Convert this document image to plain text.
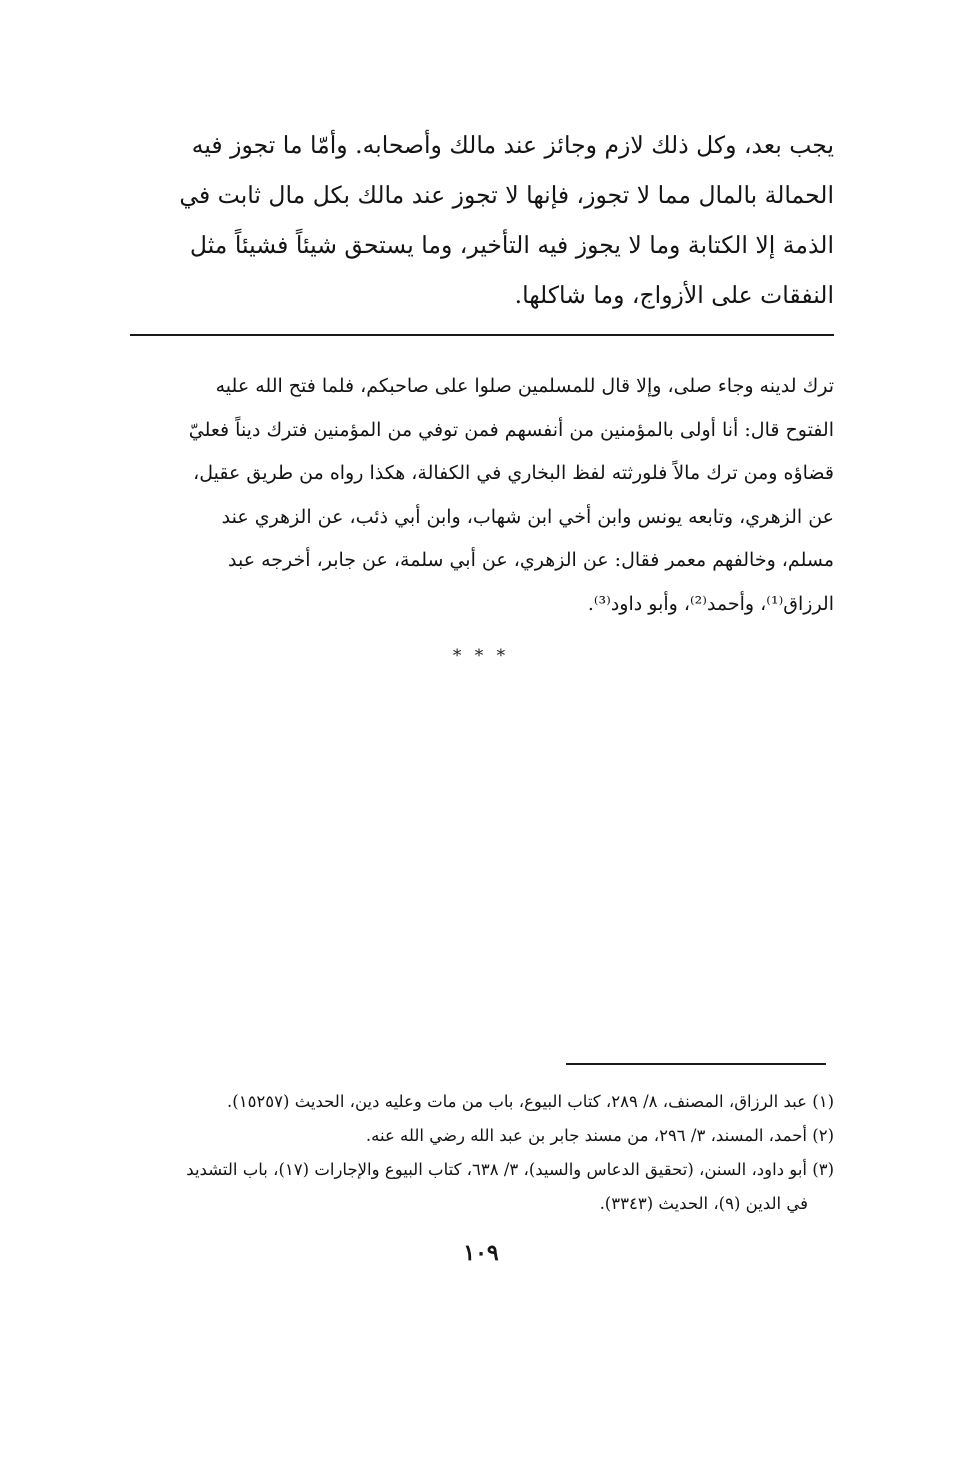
يجب بعد، وكل ذلك لازم وجائز عند مالك وأصحابه. وأمّا ما تجوز فيه
الحمالة بالمال مما لا تجوز، فإنها لا تجوز عند مالك بكل مال ثابت في
الذمة إلا الكتابة وما لا يجوز فيه التأخير، وما يستحق شيئاً فشيئاً مثل
النفقات على الأزواج، وما شاكلها.
ترك لدينه وجاء صلى، وإلا قال للمسلمين صلوا على صاحبكم، فلما فتح الله عليه
الفتوح قال: أنا أولى بالمؤمنين من أنفسهم فمن توفي من المؤمنين فترك ديناً فعليّ
قضاؤه ومن ترك مالاً فلورثته لفظ البخاري في الكفالة، هكذا رواه من طريق عقيل،
عن الزهري، وتابعه يونس وابن أخي ابن شهاب، وابن أبي ذئب، عن الزهري عند
مسلم، وخالفهم معمر فقال: عن الزهري، عن أبي سلمة، عن جابر، أخرجه عبد
الرزاق⁽¹⁾، وأحمد⁽²⁾، وأبو داود⁽³⁾.
* * *
(١) عبد الرزاق، المصنف، ٨/ ٢٨٩، كتاب البيوع، باب من مات وعليه دين، الحديث (١٥٢٥٧).
(٢) أحمد، المسند، ٣/ ٢٩٦، من مسند جابر بن عبد الله رضي الله عنه.
(٣) أبو داود، السنن، (تحقيق الدعاس والسيد)، ٣/ ٦٣٨، كتاب البيوع والإجارات (١٧)، باب التشديد
في الدين (٩)، الحديث (٣٣٤٣).
١٠٩
